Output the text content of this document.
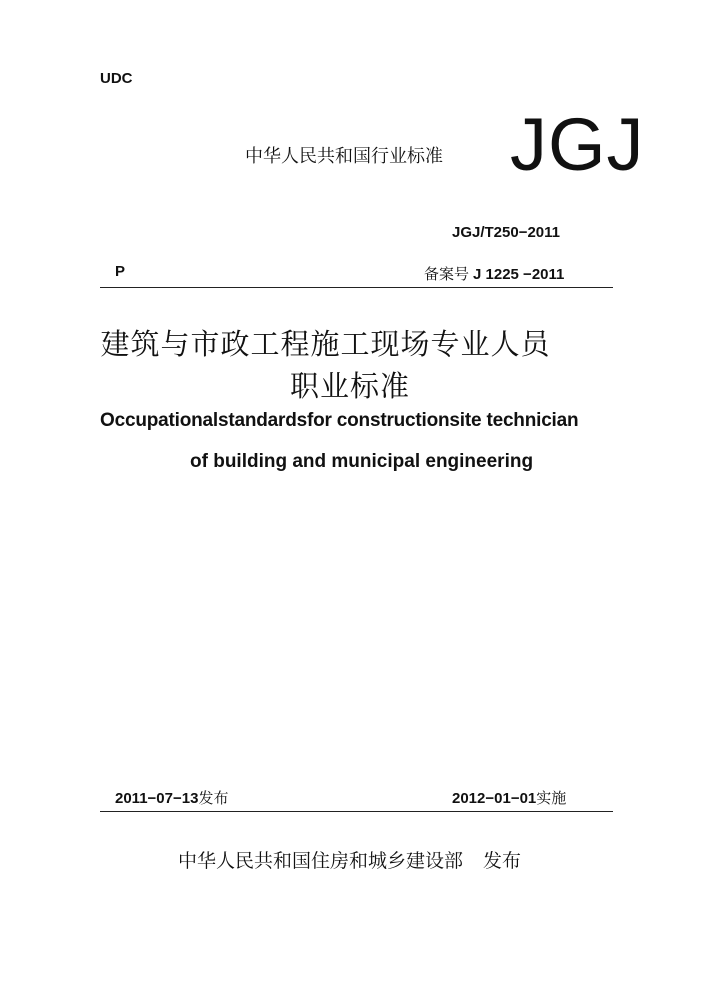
UDC
中华人民共和国行业标准 JGJ
JGJ/T250−2011
P	备案号 J 1225 −2011
建筑与市政工程施工现场专业人员
职业标准
Occupationalstandardsfor constructionsite technician
of building and municipal engineering
2011−07−13发布	2012−01−01实施
中华人民共和国住房和城乡建设部 发布
